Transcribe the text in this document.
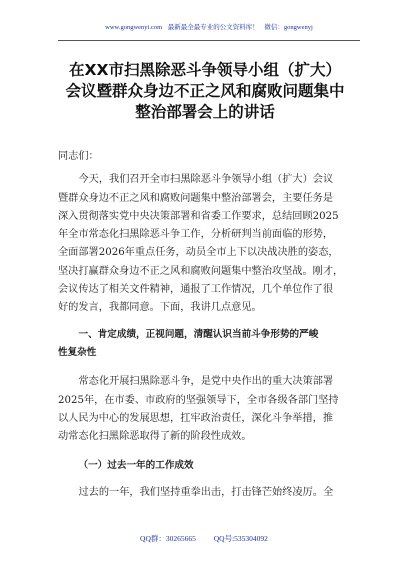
www.gongwenyi.com 最新最全最专业的公文资料库！ 微信：gongwenyj
在XX市扫黑除恶斗争领导小组（扩大）
会议暨群众身边不正之风和腐败问题集中
整治部署会上的讲话
同志们：
今天，我们召开全市扫黑除恶斗争领导小组（扩大）会议
暨群众身边不正之风和腐败问题集中整治部署会，主要任务是
深入贯彻落实党中央决策部署和省委工作要求，总结回顾2025
年全市常态化扫黑除恶斗争工作，分析研判当前面临的形势，
全面部署2026年重点任务，动员全市上下以决战决胜的姿态，
坚决打赢群众身边不正之风和腐败问题集中整治攻坚战。刚才，
会议传达了相关文件精神，通报了工作情况，几个单位作了很
好的发言，我都同意。下面，我讲几点意见。
一、肯定成绩，正视问题，清醒认识当前斗争形势的严峻
性复杂性
常态化开展扫黑除恶斗争，是党中央作出的重大决策部署
2025年，在市委、市政府的坚强领导下，全市各级各部门坚持
以人民为中心的发展思想，扛牢政治责任，深化斗争举措，推
动常态化扫黑除恶取得了新的阶段性成效。
（一）过去一年的工作成效
过去的一年，我们坚持重拳出击，打击锋芒始终凌厉。全
QQ群：30265665 QQ号:535304092
